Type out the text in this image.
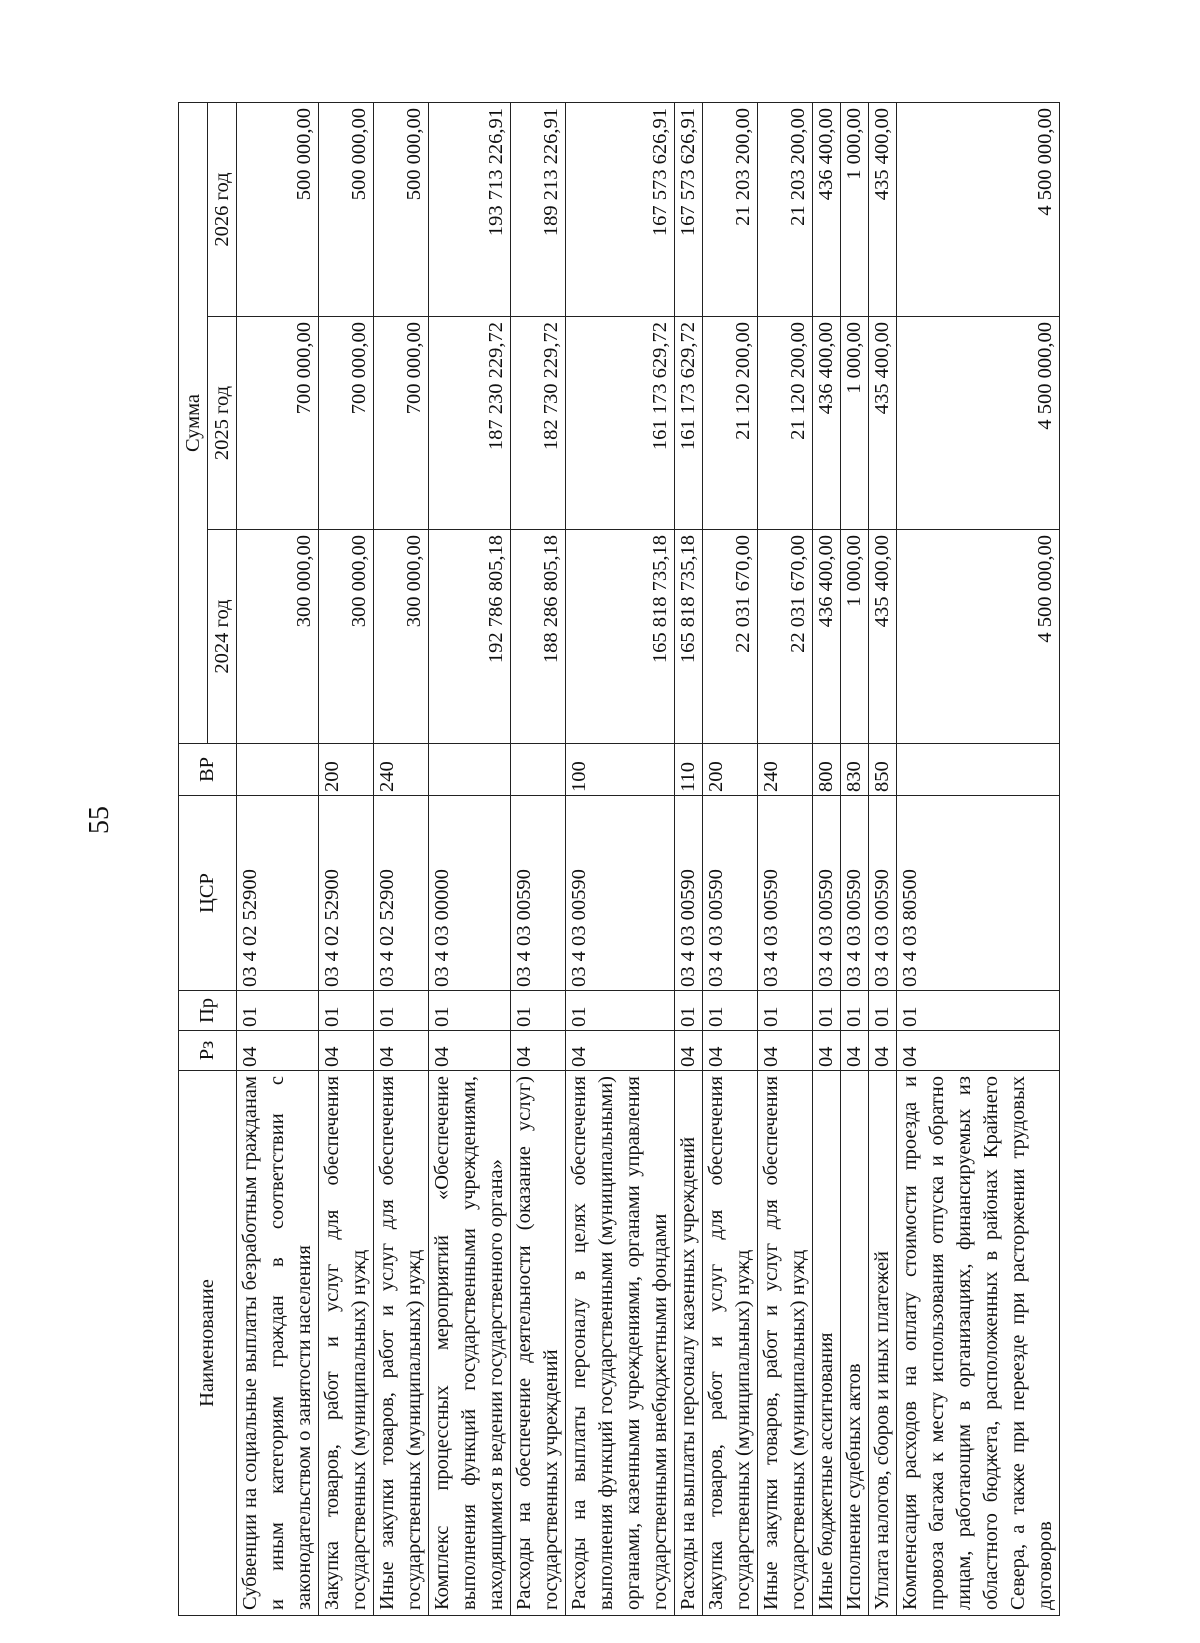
55
Наименование	Рз	Пр	ЦСР	ВР	Сумма		
					2024 год	2025 год	2026 год
Субвенции на социальные выплаты безработным гражданам и иным категориям граждан в соответствии с законодательством о занятости населения	04	01	03 4 02 52900		300 000,00	700 000,00	500 000,00
Закупка товаров, работ и услуг для обеспечения государственных (муниципальных) нужд	04	01	03 4 02 52900	200	300 000,00	700 000,00	500 000,00
Иные закупки товаров, работ и услуг для обеспечения государственных (муниципальных) нужд	04	01	03 4 02 52900	240	300 000,00	700 000,00	500 000,00
Комплекс процессных мероприятий «Обеспечение выполнения функций государственными учреждениями, находящимися в ведении государственного органа»	04	01	03 4 03 00000		192 786 805,18	187 230 229,72	193 713 226,91
Расходы на обеспечение деятельности (оказание услуг) государственных учреждений	04	01	03 4 03 00590		188 286 805,18	182 730 229,72	189 213 226,91
Расходы на выплаты персоналу в целях обеспечения выполнения функций государственными (муниципальными) органами, казенными учреждениями, органами управления государственными внебюджетными фондами	04	01	03 4 03 00590	100	165 818 735,18	161 173 629,72	167 573 626,91
Расходы на выплаты персоналу казенных учреждений	04	01	03 4 03 00590	110	165 818 735,18	161 173 629,72	167 573 626,91
Закупка товаров, работ и услуг для обеспечения государственных (муниципальных) нужд	04	01	03 4 03 00590	200	22 031 670,00	21 120 200,00	21 203 200,00
Иные закупки товаров, работ и услуг для обеспечения государственных (муниципальных) нужд	04	01	03 4 03 00590	240	22 031 670,00	21 120 200,00	21 203 200,00
Иные бюджетные ассигнования	04	01	03 4 03 00590	800	436 400,00	436 400,00	436 400,00
Исполнение судебных актов	04	01	03 4 03 00590	830	1 000,00	1 000,00	1 000,00
Уплата налогов, сборов и иных платежей	04	01	03 4 03 00590	850	435 400,00	435 400,00	435 400,00
Компенсация расходов на оплату стоимости проезда и провоза багажа к месту использования отпуска и обратно лицам, работающим в организациях, финансируемых из областного бюджета, расположенных в районах Крайнего Севера, а также при переезде при расторжении трудовых договоров	04	01	03 4 03 80500		4 500 000,00	4 500 000,00	4 500 000,00
